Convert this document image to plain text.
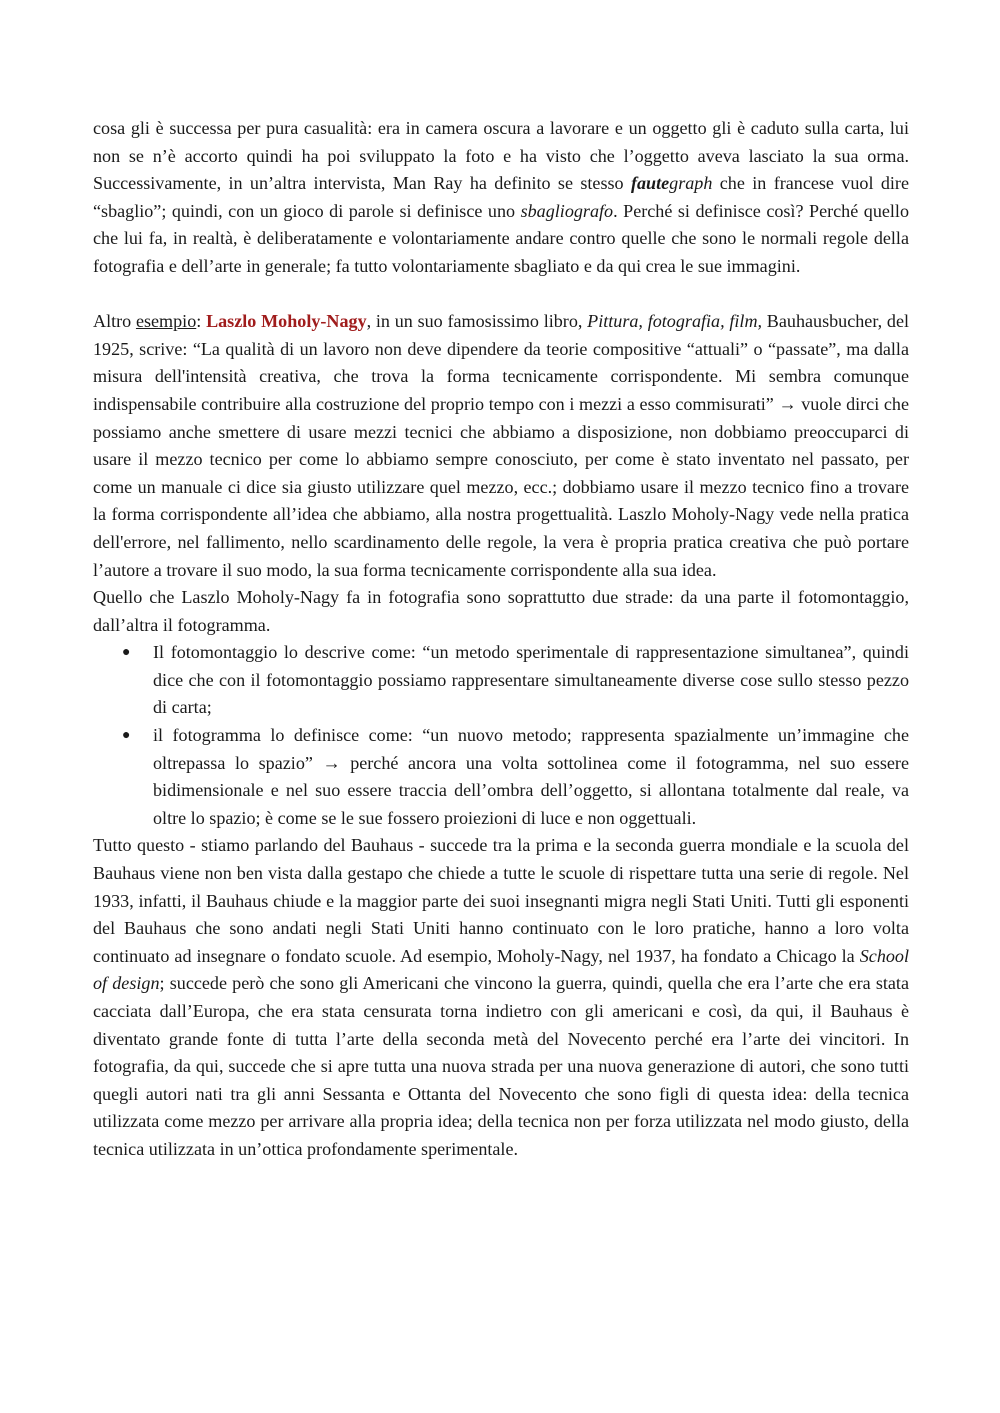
cosa gli è successa per pura casualità: era in camera oscura a lavorare e un oggetto gli è caduto sulla carta, lui non se n’è accorto quindi ha poi sviluppato la foto e ha visto che l’oggetto aveva lasciato la sua orma. Successivamente, in un’altra intervista, Man Ray ha definito se stesso fautegraph che in francese vuol dire “sbaglio”; quindi, con un gioco di parole si definisce uno sbagliografo. Perché si definisce così? Perché quello che lui fa, in realtà, è deliberatamente e volontariamente andare contro quelle che sono le normali regole della fotografia e dell’arte in generale; fa tutto volontariamente sbagliato e da qui crea le sue immagini.

Altro esempio: Laszlo Moholy-Nagy, in un suo famosissimo libro, Pittura, fotografia, film, Bauhausbucher, del 1925, scrive: “La qualità di un lavoro non deve dipendere da teorie compositive “attuali” o “passate”, ma dalla misura dell'intensità creativa, che trova la forma tecnicamente corrispondente. Mi sembra comunque indispensabile contribuire alla costruzione del proprio tempo con i mezzi a esso commisurati” → vuole dirci che possiamo anche smettere di usare mezzi tecnici che abbiamo a disposizione, non dobbiamo preoccuparci di usare il mezzo tecnico per come lo abbiamo sempre conosciuto, per come è stato inventato nel passato, per come un manuale ci dice sia giusto utilizzare quel mezzo, ecc.; dobbiamo usare il mezzo tecnico fino a trovare la forma corrispondente all’idea che abbiamo, alla nostra progettualità. Laszlo Moholy-Nagy vede nella pratica dell'errore, nel fallimento, nello scardinamento delle regole, la vera è propria pratica creativa che può portare l’autore a trovare il suo modo, la sua forma tecnicamente corrispondente alla sua idea.

Quello che Laszlo Moholy-Nagy fa in fotografia sono soprattutto due strade: da una parte il fotomontaggio, dall’altra il fotogramma.

● Il fotomontaggio lo descrive come: “un metodo sperimentale di rappresentazione simultanea”, quindi dice che con il fotomontaggio possiamo rappresentare simultaneamente diverse cose sullo stesso pezzo di carta;
● il fotogramma lo definisce come: “un nuovo metodo; rappresenta spazialmente un’immagine che oltrepassa lo spazio” → perché ancora una volta sottolinea come il fotogramma, nel suo essere bidimensionale e nel suo essere traccia dell’ombra dell’oggetto, si allontana totalmente dal reale, va oltre lo spazio; è come se le sue fossero proiezioni di luce e non oggettuali.

Tutto questo - stiamo parlando del Bauhaus - succede tra la prima e la seconda guerra mondiale e la scuola del Bauhaus viene non ben vista dalla gestapo che chiede a tutte le scuole di rispettare tutta una serie di regole. Nel 1933, infatti, il Bauhaus chiude e la maggior parte dei suoi insegnanti migra negli Stati Uniti. Tutti gli esponenti del Bauhaus che sono andati negli Stati Uniti hanno continuato con le loro pratiche, hanno a loro volta continuato ad insegnare o fondato scuole. Ad esempio, Moholy-Nagy, nel 1937, ha fondato a Chicago la School of design; succede però che sono gli Americani che vincono la guerra, quindi, quella che era l’arte che era stata cacciata dall’Europa, che era stata censurata torna indietro con gli americani e così, da qui, il Bauhaus è diventato grande fonte di tutta l’arte della seconda metà del Novecento perché era l’arte dei vincitori. In fotografia, da qui, succede che si apre tutta una nuova strada per una nuova generazione di autori, che sono tutti quegli autori nati tra gli anni Sessanta e Ottanta del Novecento che sono figli di questa idea: della tecnica utilizzata come mezzo per arrivare alla propria idea; della tecnica non per forza utilizzata nel modo giusto, della tecnica utilizzata in un’ottica profondamente sperimentale.
